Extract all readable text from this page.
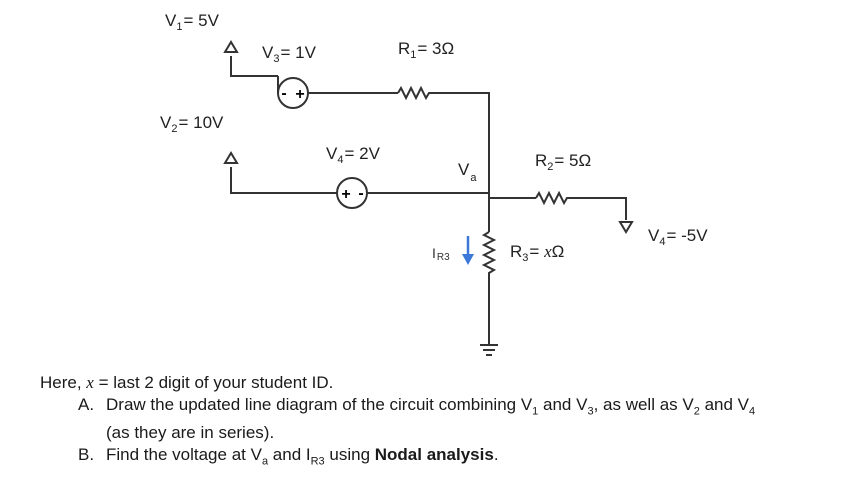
- +
+ -
$V_1= 5V$
$V_3= 1V$	$R_1= 3\Omega$
$V_2= 10V$
$V_4= 2V$
$V_a$
$R_2= 5\Omega$
$V_4= -5V$
IR3	$R_3= x\Omega$
Here, x = last 2 digit of your student ID.
A. Draw the updated line diagram of the circuit combining $V_1$ and $V_3$, as well as $V_2$ and $V_4$
(as they are in series).
B. Find the voltage at $V_a$ and $I_{R3}$ using Nodal analysis.
